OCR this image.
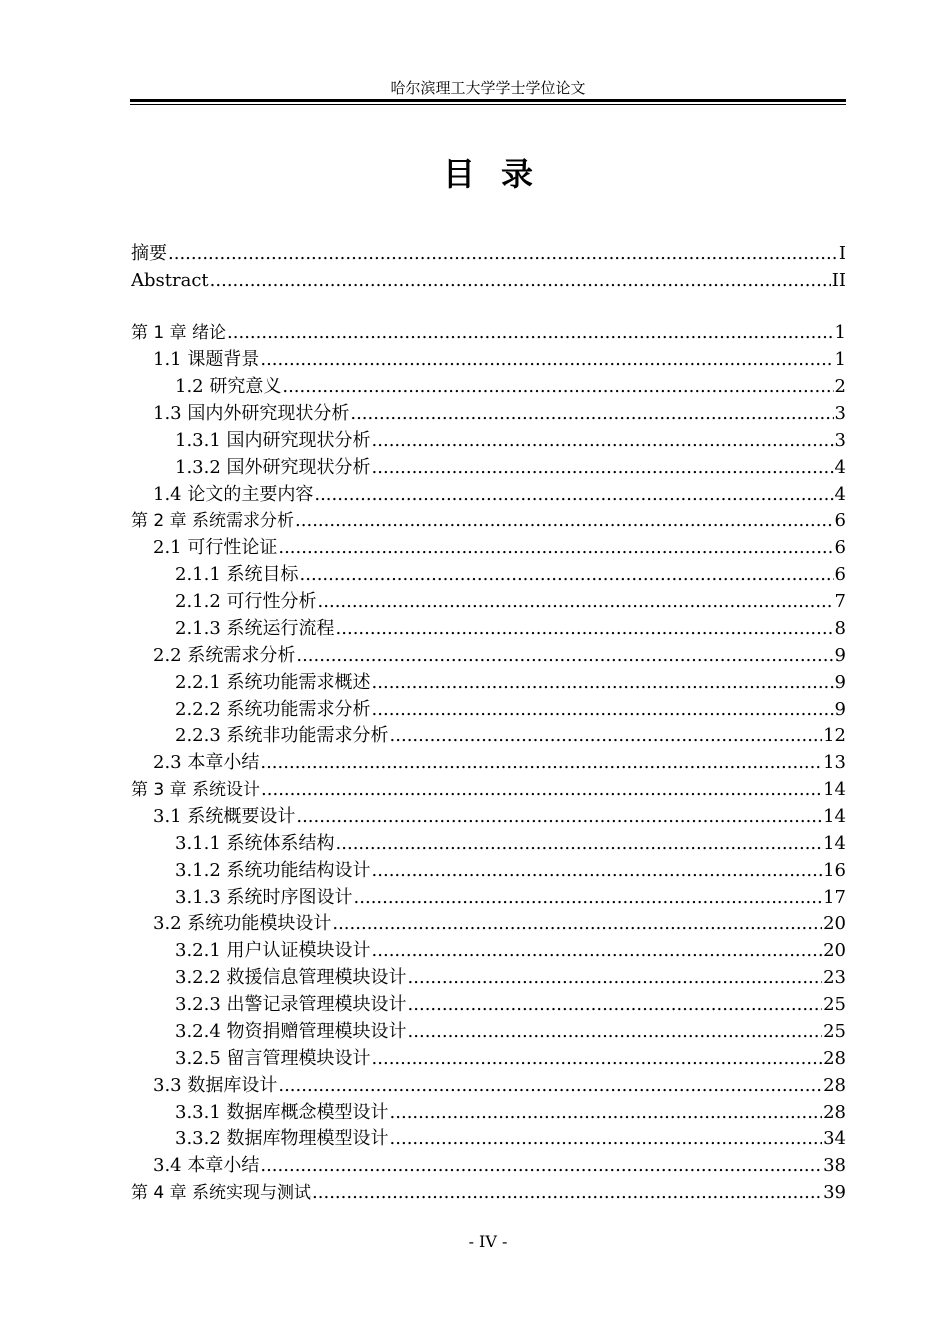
哈尔滨理工大学学士学位论文
目录
摘要 .....	I
Abstract .....	II
第 1 章 绪论 .....	1
1.1 课题背景 .....	1
1.2 研究意义 .....	2
1.3 国内外研究现状分析 .....	3
1.3.1 国内研究现状分析 .....	3
1.3.2 国外研究现状分析 .....	4
1.4 论文的主要内容 .....	4
第 2 章 系统需求分析 .....	6
2.1 可行性论证 .....	6
2.1.1 系统目标 .....	6
2.1.2 可行性分析 .....	7
2.1.3 系统运行流程 .....	8
2.2 系统需求分析 .....	9
2.2.1 系统功能需求概述 .....	9
2.2.2 系统功能需求分析 .....	9
2.2.3 系统非功能需求分析 .....	12
2.3 本章小结 .....	13
第 3 章 系统设计 .....	14
3.1 系统概要设计 .....	14
3.1.1 系统体系结构 .....	14
3.1.2 系统功能结构设计 .....	16
3.1.3 系统时序图设计 .....	17
3.2 系统功能模块设计 .....	20
3.2.1 用户认证模块设计 .....	20
3.2.2 救援信息管理模块设计 .....	23
3.2.3 出警记录管理模块设计 .....	25
3.2.4 物资捐赠管理模块设计 .....	25
3.2.5 留言管理模块设计 .....	28
3.3 数据库设计 .....	28
3.3.1 数据库概念模型设计 .....	28
3.3.2 数据库物理模型设计 .....	34
3.4 本章小结 .....	38
第 4 章 系统实现与测试 .....	39
- IV -
